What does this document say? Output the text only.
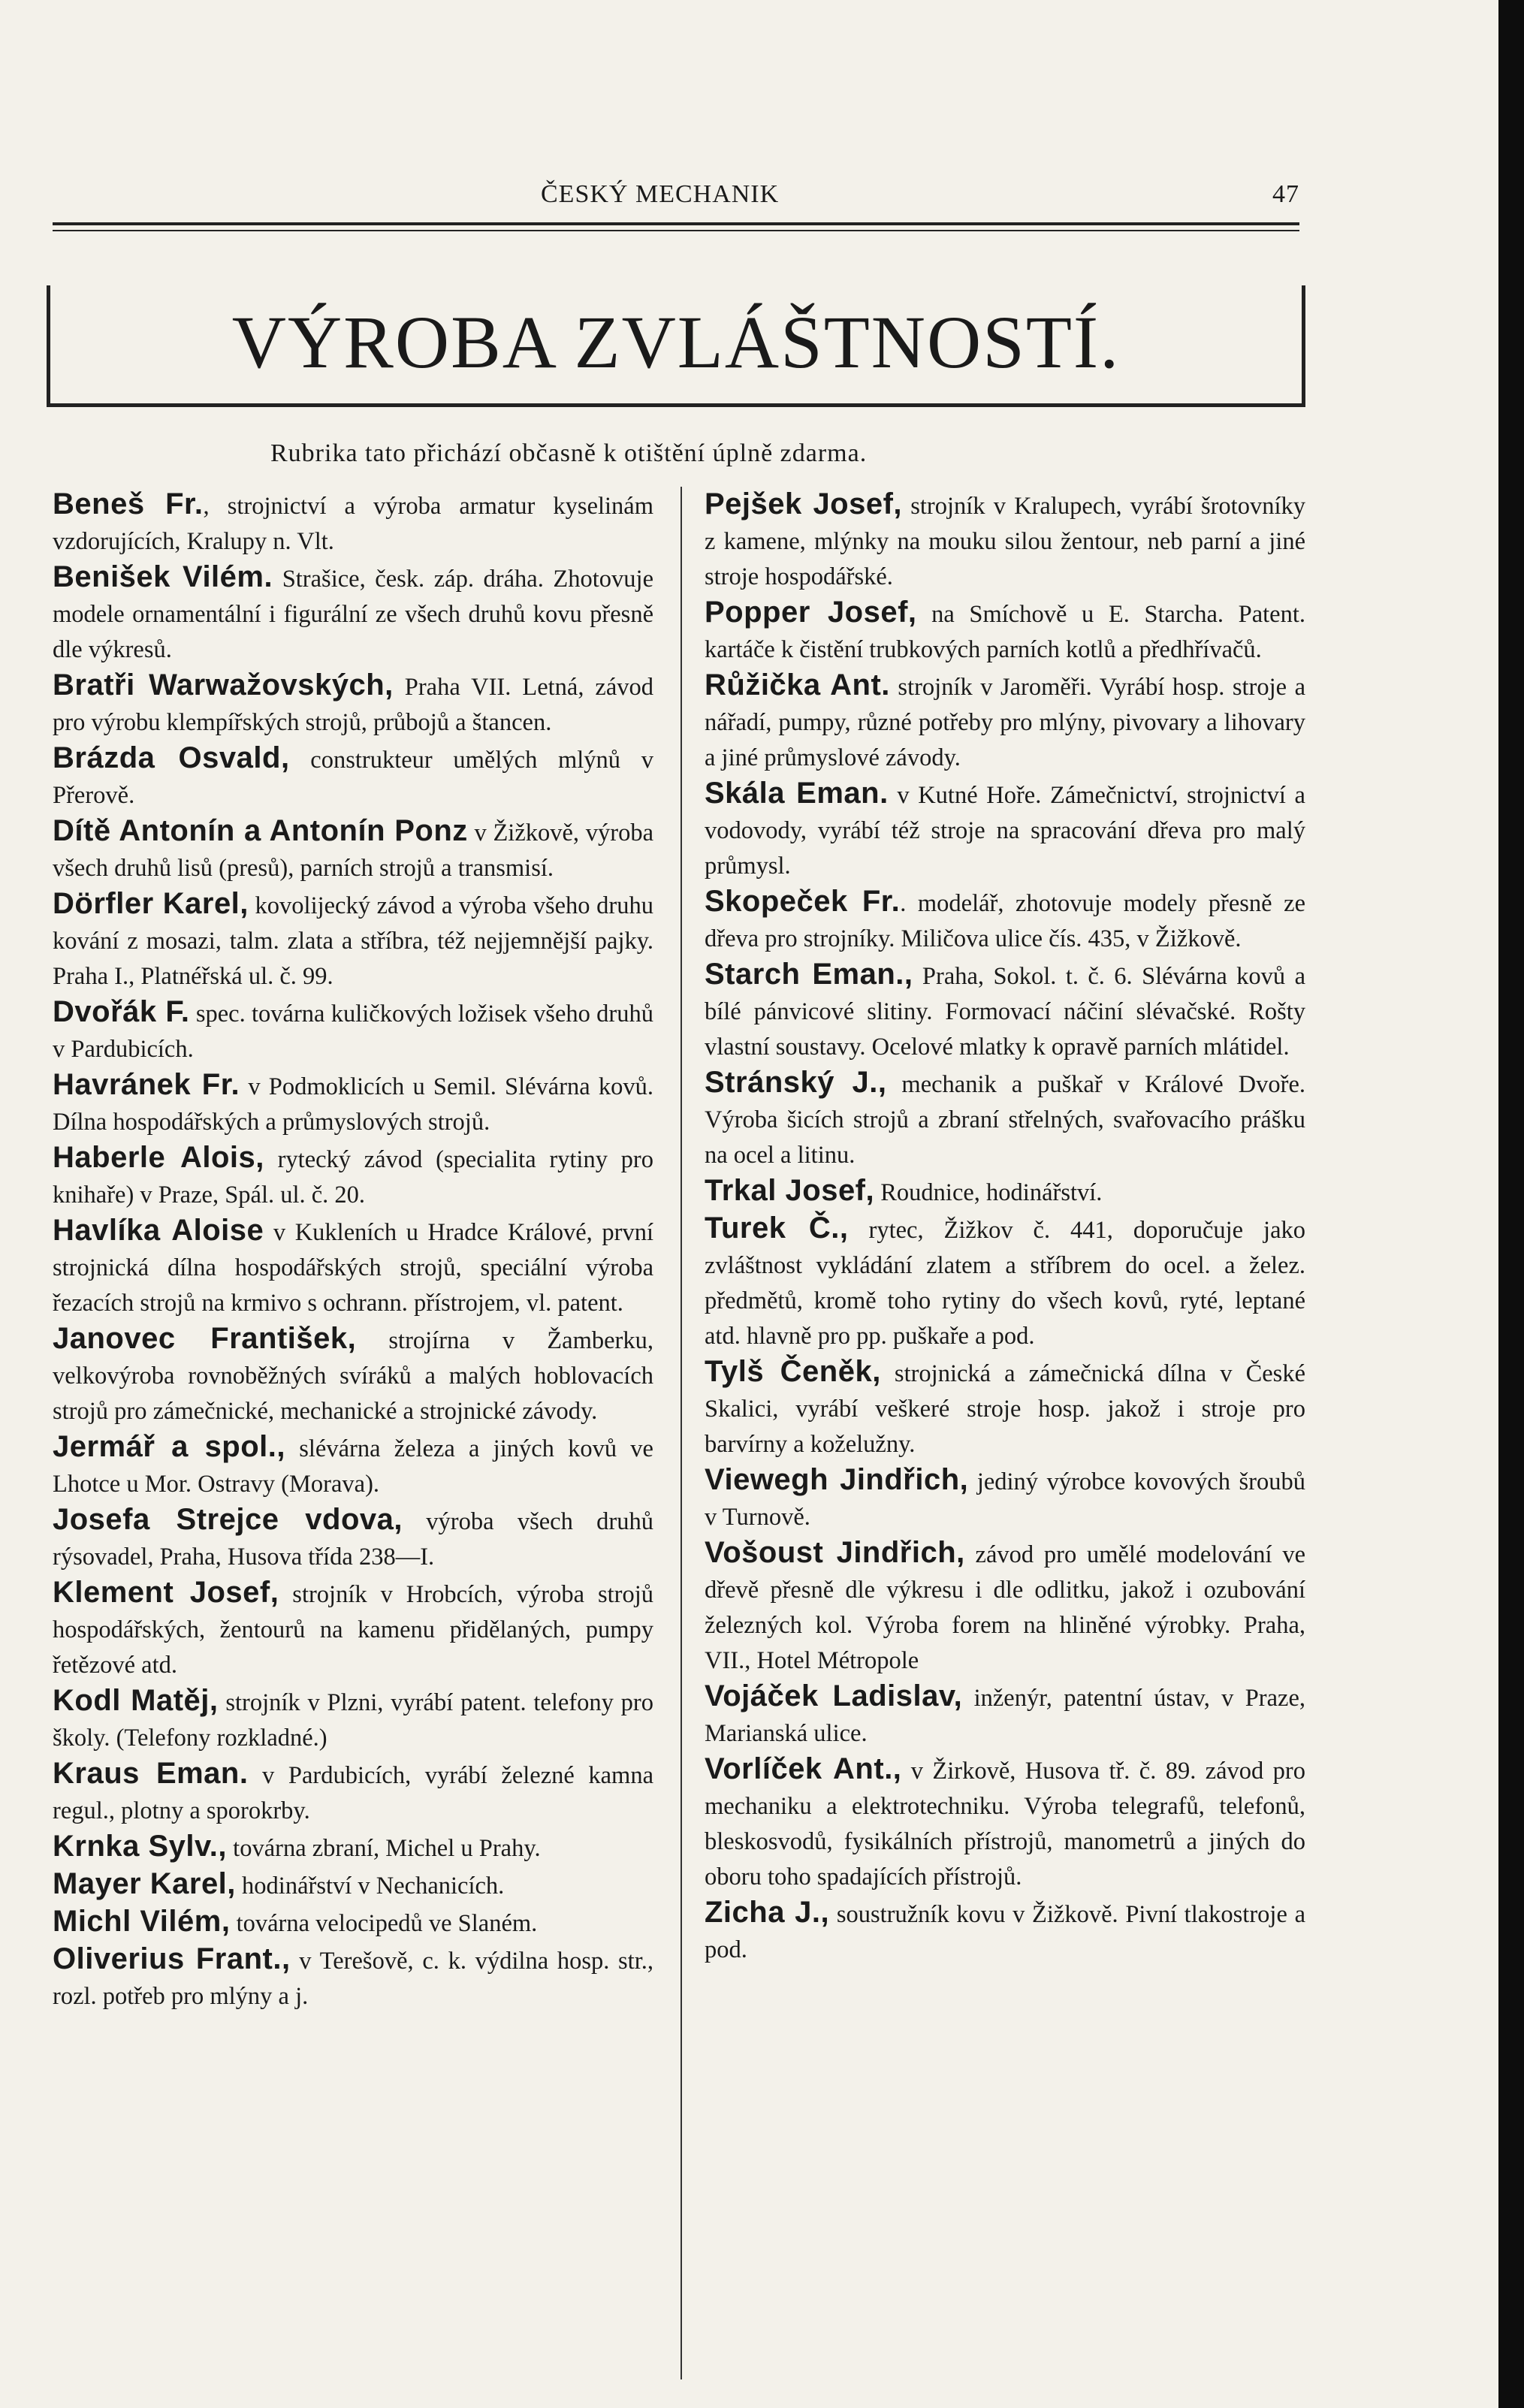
ČESKÝ MECHANIK	47
VÝROBA ZVLÁŠTNOSTÍ.
Rubrika tato přichází občasně k otištění úplně zdarma.
Beneš Fr., strojnictví a výroba armatur kyselinám vzdorujících, Kralupy n. Vlt.
Benišek Vilém. Strašice, česk. záp. dráha. Zhotovuje modele ornamentální i figurální ze všech druhů kovu přesně dle výkresů.
Bratři Warwažovských, Praha VII. Letná, závod pro výrobu klempířských strojů, průbojů a štancen.
Brázda Osvald, construkteur umělých mlýnů v Přerově.
Dítě Antonín a Antonín Ponz v Žižkově, výroba všech druhů lisů (presů), parních strojů a transmisí.
Dörfler Karel, kovolijecký závod a výroba všeho druhu kování z mosazi, talm. zlata a stříbra, též nejjemnější pajky. Praha I., Platnéřská ul. č. 99.
Dvořák F. spec. továrna kuličkových ložisek všeho druhů v Pardubicích.
Havránek Fr. v Podmoklicích u Semil. Slévárna kovů. Dílna hospodářských a průmyslových strojů.
Haberle Alois, rytecký závod (specialita rytiny pro knihaře) v Praze, Spál. ul. č. 20.
Havlíka Aloise v Kukleních u Hradce Králové, první strojnická dílna hospodářských strojů, speciální výroba řezacích strojů na krmivo s ochrann. přístrojem, vl. patent.
Janovec František, strojírna v Žamberku, velkovýroba rovnoběžných svíráků a malých hoblovacích strojů pro zámečnické, mechanické a strojnické závody.
Jermář a spol., slévárna železa a jiných kovů ve Lhotce u Mor. Ostravy (Morava).
Josefa Strejce vdova, výroba všech druhů rýsovadel, Praha, Husova třída 238—I.
Klement Josef, strojník v Hrobcích, výroba strojů hospodářských, žentourů na kamenu přidělaných, pumpy řetězové atd.
Kodl Matěj, strojník v Plzni, vyrábí patent. telefony pro školy. (Telefony rozkladné.)
Kraus Eman. v Pardubicích, vyrábí železné kamna regul., plotny a sporokrby.
Krnka Sylv., továrna zbraní, Michel u Prahy.
Mayer Karel, hodinářství v Nechanicích.
Michl Vilém, továrna velocipedů ve Slaném.
Oliverius Frant., v Terešově, c. k. výdilna hosp. str., rozl. potřeb pro mlýny a j.
Pejšek Josef, strojník v Kralupech, vyrábí šrotovníky z kamene, mlýnky na mouku silou žentour, neb parní a jiné stroje hospodářské.
Popper Josef, na Smíchově u E. Starcha. Patent. kartáče k čistění trubkových parních kotlů a předhřívačů.
Růžička Ant. strojník v Jaroměři. Vyrábí hosp. stroje a nářadí, pumpy, různé potřeby pro mlýny, pivovary a lihovary a jiné průmyslové závody.
Skála Eman. v Kutné Hoře. Zámečnictví, strojnictví a vodovody, vyrábí též stroje na spracování dřeva pro malý průmysl.
Skopeček Fr.. modelář, zhotovuje modely přesně ze dřeva pro strojníky. Miličova ulice čís. 435, v Žižkově.
Starch Eman., Praha, Sokol. t. č. 6. Slévárna kovů a bílé pánvicové slitiny. Formovací náčiní slévačské. Rošty vlastní soustavy. Ocelové mlatky k opravě parních mlátidel.
Stránský J., mechanik a puškař v Králové Dvoře. Výroba šicích strojů a zbraní střelných, svařovacího prášku na ocel a litinu.
Trkal Josef, Roudnice, hodinářství.
Turek Č., rytec, Žižkov č. 441, doporučuje jako zvláštnost vykládání zlatem a stříbrem do ocel. a želez. předmětů, kromě toho rytiny do všech kovů, ryté, leptané atd. hlavně pro pp. puškaře a pod.
Tylš Čeněk, strojnická a zámečnická dílna v České Skalici, vyrábí veškeré stroje hosp. jakož i stroje pro barvírny a koželužny.
Viewegh Jindřich, jediný výrobce kovových šroubů v Turnově.
Vošoust Jindřich, závod pro umělé modelování ve dřevě přesně dle výkresu i dle odlitku, jakož i ozubování železných kol. Výroba forem na hliněné výrobky. Praha, VII., Hotel Métropole
Vojáček Ladislav, inženýr, patentní ústav, v Praze, Marianská ulice.
Vorlíček Ant., v Žirkově, Husova tř. č. 89. závod pro mechaniku a elektrotechniku. Výroba telegrafů, telefonů, bleskosvodů, fysikálních přístrojů, manometrů a jiných do oboru toho spadajících přístrojů.
Zicha J., soustružník kovu v Žižkově. Pivní tlakostroje a pod.
